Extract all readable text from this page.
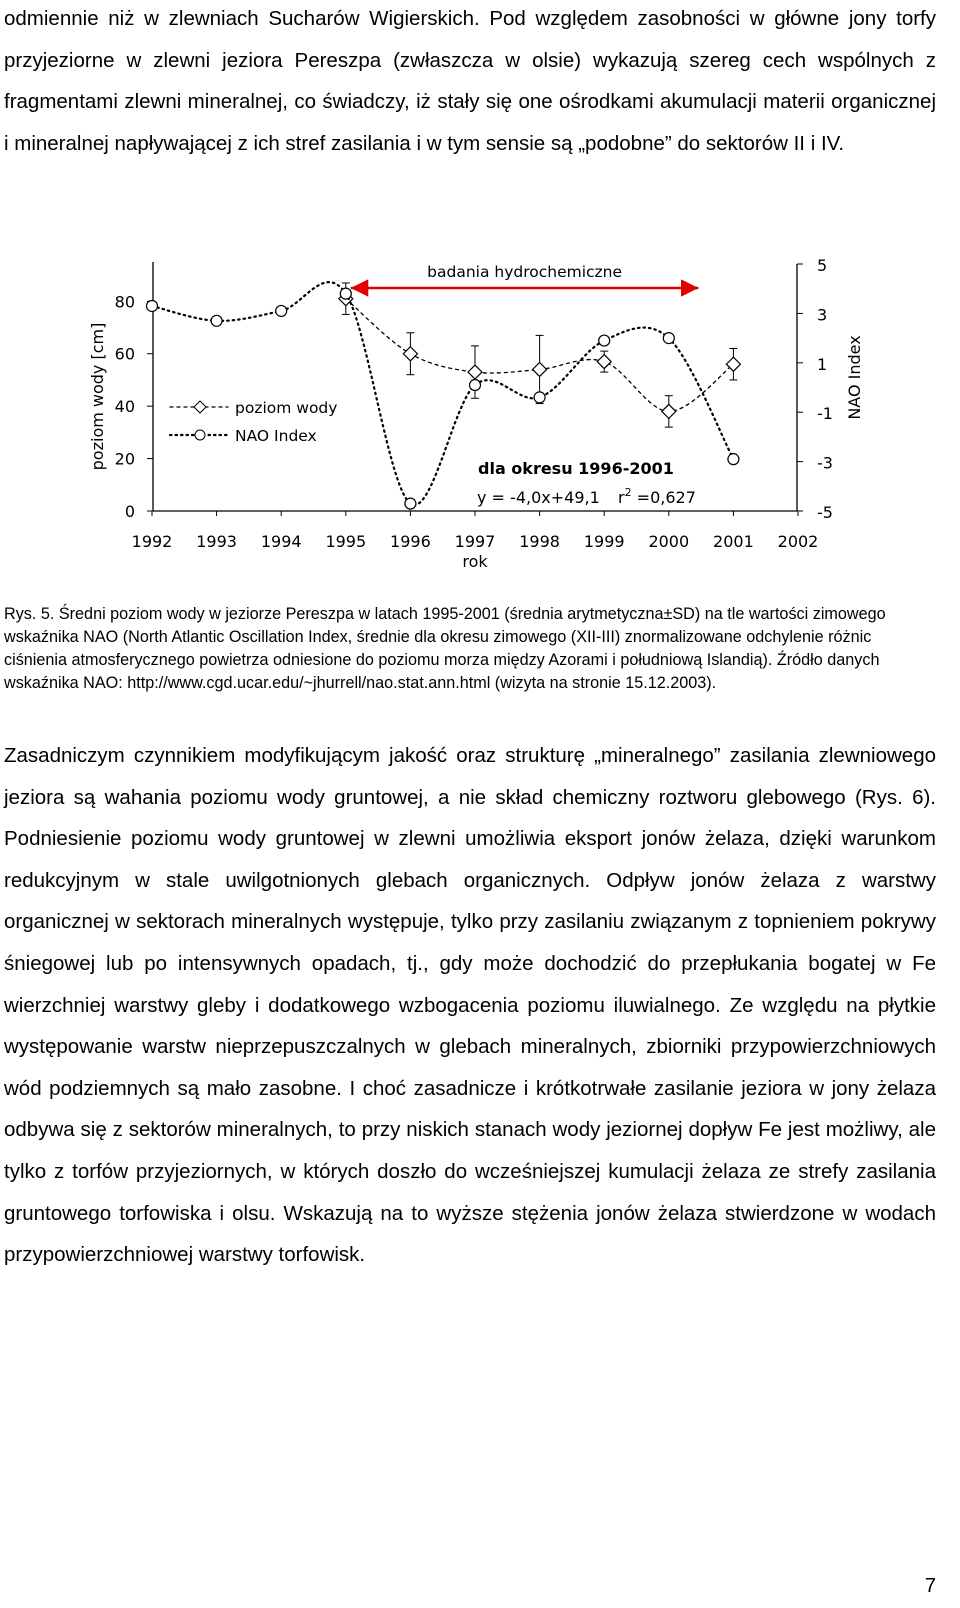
odmiennie niż w zlewniach Sucharów Wigierskich. Pod względem zasobności w główne jony torfy przyjeziorne w zlewni jeziora Pereszpa (zwłaszcza w olsie) wykazują szereg cech wspólnych z fragmentami zlewni mineralnej, co świadczy, iż stały się one ośrodkami akumulacji materii organicznej i mineralnej napływającej z ich stref zasilania i w tym sensie są „podobne” do sektorów II i IV.

0
20
40
60
80
-5
-3
-1
1
3
5
1992 1993 1994 1995 1996 1997 1998 1999 2000 2001 2002
rok
poziom wody [cm]	NAO Index
badania hydrochemiczne
poziom wody
NAO Index
dla okresu 1996-2001
y = -4,0x+49,1 $r^2 =0,627$

Rys. 5. Średni poziom wody w jeziorze Pereszpa w latach 1995-2001 (średnia arytmetyczna±SD) na tle wartości zimowego wskaźnika NAO (North Atlantic Oscillation Index, średnie dla okresu zimowego (XII-III) znormalizowane odchylenie różnic ciśnienia atmosferycznego powietrza odniesione do poziomu morza między Azorami i południową Islandią). Źródło danych wskaźnika NAO: http://www.cgd.ucar.edu/~jhurrell/nao.stat.ann.html (wizyta na stronie 15.12.2003).

Zasadniczym czynnikiem modyfikującym jakość oraz strukturę „mineralnego” zasilania zlewniowego jeziora są wahania poziomu wody gruntowej, a nie skład chemiczny roztworu glebowego (Rys. 6). Podniesienie poziomu wody gruntowej w zlewni umożliwia eksport jonów żelaza, dzięki warunkom redukcyjnym w stale uwilgotnionych glebach organicznych. Odpływ jonów żelaza z warstwy organicznej w sektorach mineralnych występuje, tylko przy zasilaniu związanym z topnieniem pokrywy śniegowej lub po intensywnych opadach, tj., gdy może dochodzić do przepłukania bogatej w Fe wierzchniej warstwy gleby i dodatkowego wzbogacenia poziomu iluwialnego. Ze względu na płytkie występowanie warstw nieprzepuszczalnych w glebach mineralnych, zbiorniki przypowierzchniowych wód podziemnych są mało zasobne. I choć zasadnicze i krótkotrwałe zasilanie jeziora w jony żelaza odbywa się z sektorów mineralnych, to przy niskich stanach wody jeziornej dopływ Fe jest możliwy, ale tylko z torfów przyjeziornych, w których doszło do wcześniejszej kumulacji żelaza ze strefy zasilania gruntowego torfowiska i olsu. Wskazują na to wyższe stężenia jonów żelaza stwierdzone w wodach przypowierzchniowej warstwy torfowisk.

7
